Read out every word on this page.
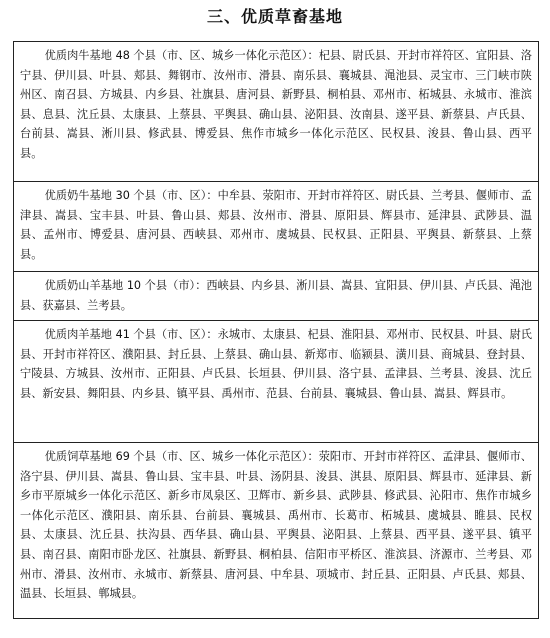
三、优质草畜基地

优质肉牛基地 48 个县（市、区、城乡一体化示范区）：杞县、尉氏县、开封市祥符区、宜阳县、洛宁县、伊川县、叶县、郏县、舞钢市、汝州市、滑县、南乐县、襄城县、渑池县、灵宝市、三门峡市陕州区、南召县、方城县、内乡县、社旗县、唐河县、新野县、桐柏县、邓州市、柘城县、永城市、淮滨县、息县、沈丘县、太康县、上蔡县、平舆县、确山县、泌阳县、汝南县、遂平县、新蔡县、卢氏县、台前县、嵩县、淅川县、修武县、博爱县、焦作市城乡一体化示范区、民权县、浚县、鲁山县、西平县。

优质奶牛基地 30 个县（市、区）：中牟县、荥阳市、开封市祥符区、尉氏县、兰考县、偃师市、孟津县、嵩县、宝丰县、叶县、鲁山县、郏县、汝州市、滑县、原阳县、辉县市、延津县、武陟县、温县、孟州市、博爱县、唐河县、西峡县、邓州市、虞城县、民权县、正阳县、平舆县、新蔡县、上蔡县。

优质奶山羊基地 10 个县（市）：西峡县、内乡县、淅川县、嵩县、宜阳县、伊川县、卢氏县、渑池县、获嘉县、兰考县。

优质肉羊基地 41 个县（市、区）：永城市、太康县、杞县、淮阳县、邓州市、民权县、叶县、尉氏县、开封市祥符区、濮阳县、封丘县、上蔡县、确山县、新郑市、临颍县、潢川县、商城县、登封县、宁陵县、方城县、汝州市、正阳县、卢氏县、长垣县、伊川县、洛宁县、孟津县、兰考县、浚县、沈丘县、新安县、舞阳县、内乡县、镇平县、禹州市、范县、台前县、襄城县、鲁山县、嵩县、辉县市。

优质饲草基地 69 个县（市、区、城乡一体化示范区）：荥阳市、开封市祥符区、孟津县、偃师市、洛宁县、伊川县、嵩县、鲁山县、宝丰县、叶县、汤阴县、浚县、淇县、原阳县、辉县市、延津县、新乡市平原城乡一体化示范区、新乡市凤泉区、卫辉市、新乡县、武陟县、修武县、沁阳市、焦作市城乡一体化示范区、濮阳县、南乐县、台前县、襄城县、禹州市、长葛市、柘城县、虞城县、睢县、民权县、太康县、沈丘县、扶沟县、西华县、确山县、平舆县、泌阳县、上蔡县、西平县、遂平县、镇平县、南召县、南阳市卧龙区、社旗县、新野县、桐柏县、信阳市平桥区、淮滨县、济源市、兰考县、邓州市、滑县、汝州市、永城市、新蔡县、唐河县、中牟县、项城市、封丘县、正阳县、卢氏县、郏县、温县、长垣县、郸城县。
